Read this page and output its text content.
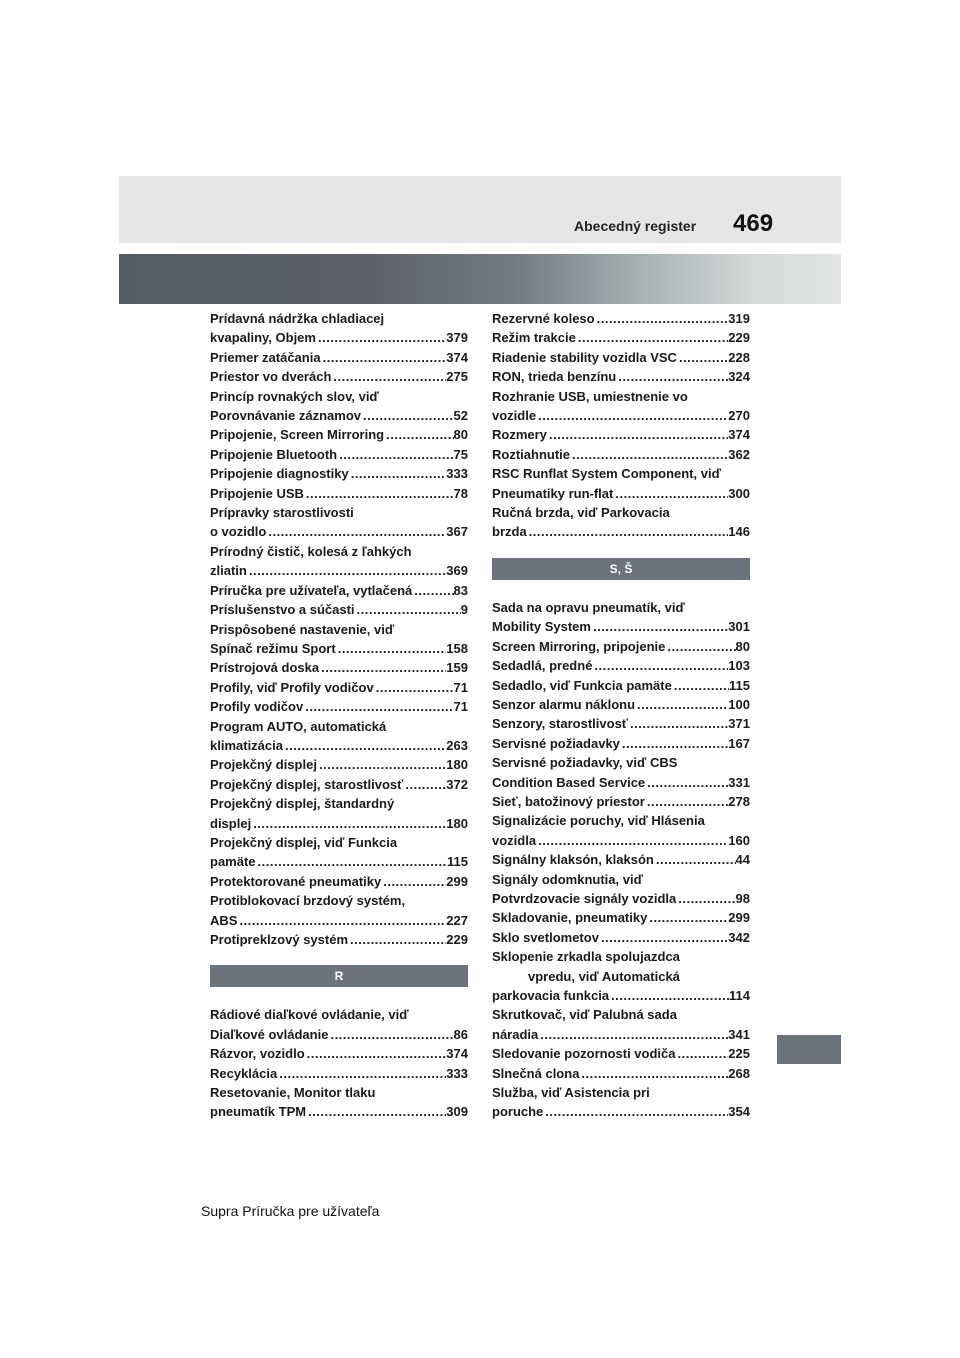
Abecedný register 469
Prídavná nádržka chladiacej
kvapaliny, Objem .....	379
Priemer zatáčania .....	374
Priestor vo dverách .....	275
Princíp rovnakých slov, viď
Porovnávanie záznamov .....	52
Pripojenie, Screen Mirroring .....	80
Pripojenie Bluetooth .....	75
Pripojenie diagnostiky .....	333
Pripojenie USB .....	78
Prípravky starostlivosti
o vozidlo .....	367
Prírodný čistič, kolesá z ľahkých
zliatin .....	369
Príručka pre užívateľa, vytlačená .....	83
Príslušenstvo a súčasti .....	9
Prispôsobené nastavenie, viď
Spínač režimu Sport .....	158
Prístrojová doska .....	159
Profily, viď Profily vodičov .....	71
Profily vodičov .....	71
Program AUTO, automatická
klimatizácia .....	263
Projekčný displej .....	180
Projekčný displej, starostlivosť .....	372
Projekčný displej, štandardný
displej .....	180
Projekčný displej, viď Funkcia
pamäte .....	115
Protektorované pneumatiky .....	299
Protiblokovací brzdový systém,
ABS .....	227
Protipreklzový systém .....	229
R
Rádiové diaľkové ovládanie, viď
Diaľkové ovládanie .....	86
Rázvor, vozidlo .....	374
Recyklácia .....	333
Resetovanie, Monitor tlaku
pneumatík TPM .....	309
Rezervné koleso .....	319
Režim trakcie .....	229
Riadenie stability vozidla VSC .....	228
RON, trieda benzínu .....	324
Rozhranie USB, umiestnenie vo
vozidle .....	270
Rozmery .....	374
Roztiahnutie .....	362
RSC Runflat System Component, viď
Pneumatiky run-flat .....	300
Ručná brzda, viď Parkovacia
brzda .....	146
S, Š
Sada na opravu pneumatík, viď
Mobility System .....	301
Screen Mirroring, pripojenie .....	80
Sedadlá, predné .....	103
Sedadlo, viď Funkcia pamäte .....	115
Senzor alarmu náklonu .....	100
Senzory, starostlivosť .....	371
Servisné požiadavky .....	167
Servisné požiadavky, viď CBS
Condition Based Service .....	331
Sieť, batožinový priestor .....	278
Signalizácie poruchy, viď Hlásenia
vozidla .....	160
Signálny klaksón, klaksón .....	44
Signály odomknutia, viď
Potvrdzovacie signály vozidla .....	98
Skladovanie, pneumatiky .....	299
Sklo svetlometov .....	342
Sklopenie zrkadla spolujazdca
vpredu, viď Automatická
parkovacia funkcia .....	114
Skrutkovač, viď Palubná sada
náradia .....	341
Sledovanie pozornosti vodiča .....	225
Slnečná clona .....	268
Služba, viď Asistencia pri
poruche .....	354
Supra Príručka pre užívateľa
